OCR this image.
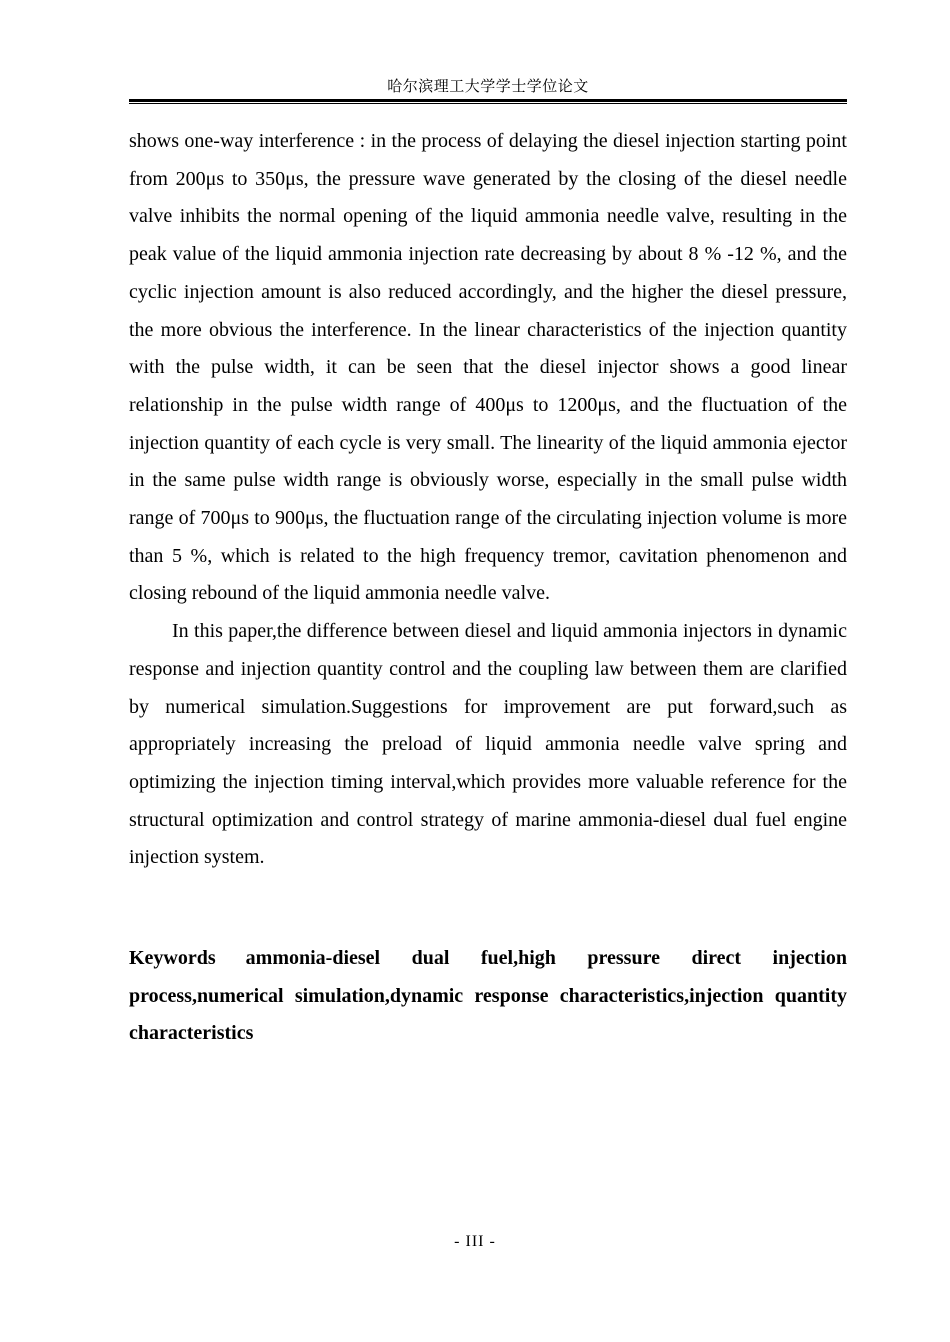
哈尔滨理工大学学士学位论文

shows one-way interference : in the process of delaying the diesel injection starting point from 200μs to 350μs, the pressure wave generated by the closing of the diesel needle valve inhibits the normal opening of the liquid ammonia needle valve, resulting in the peak value of the liquid ammonia injection rate decreasing by about 8 % -12 %, and the cyclic injection amount is also reduced accordingly, and the higher the diesel pressure, the more obvious the interference. In the linear characteristics of the injection quantity with the pulse width, it can be seen that the diesel injector shows a good linear relationship in the pulse width range of 400μs to 1200μs, and the fluctuation of the injection quantity of each cycle is very small. The linearity of the liquid ammonia ejector in the same pulse width range is obviously worse, especially in the small pulse width range of 700μs to 900μs, the fluctuation range of the circulating injection volume is more than 5 %, which is related to the high frequency tremor, cavitation phenomenon and closing rebound of the liquid ammonia needle valve.

In this paper,the difference between diesel and liquid ammonia injectors in dynamic response and injection quantity control and the coupling law between them are clarified by numerical simulation.Suggestions for improvement are put forward,such as appropriately increasing the preload of liquid ammonia needle valve spring and optimizing the injection timing interval,which provides more valuable reference for the structural optimization and control strategy of marine ammonia-diesel dual fuel engine injection system.

Keywords ammonia-diesel dual fuel,high pressure direct injection process,numerical simulation,dynamic response characteristics,injection quantity characteristics

- III -
